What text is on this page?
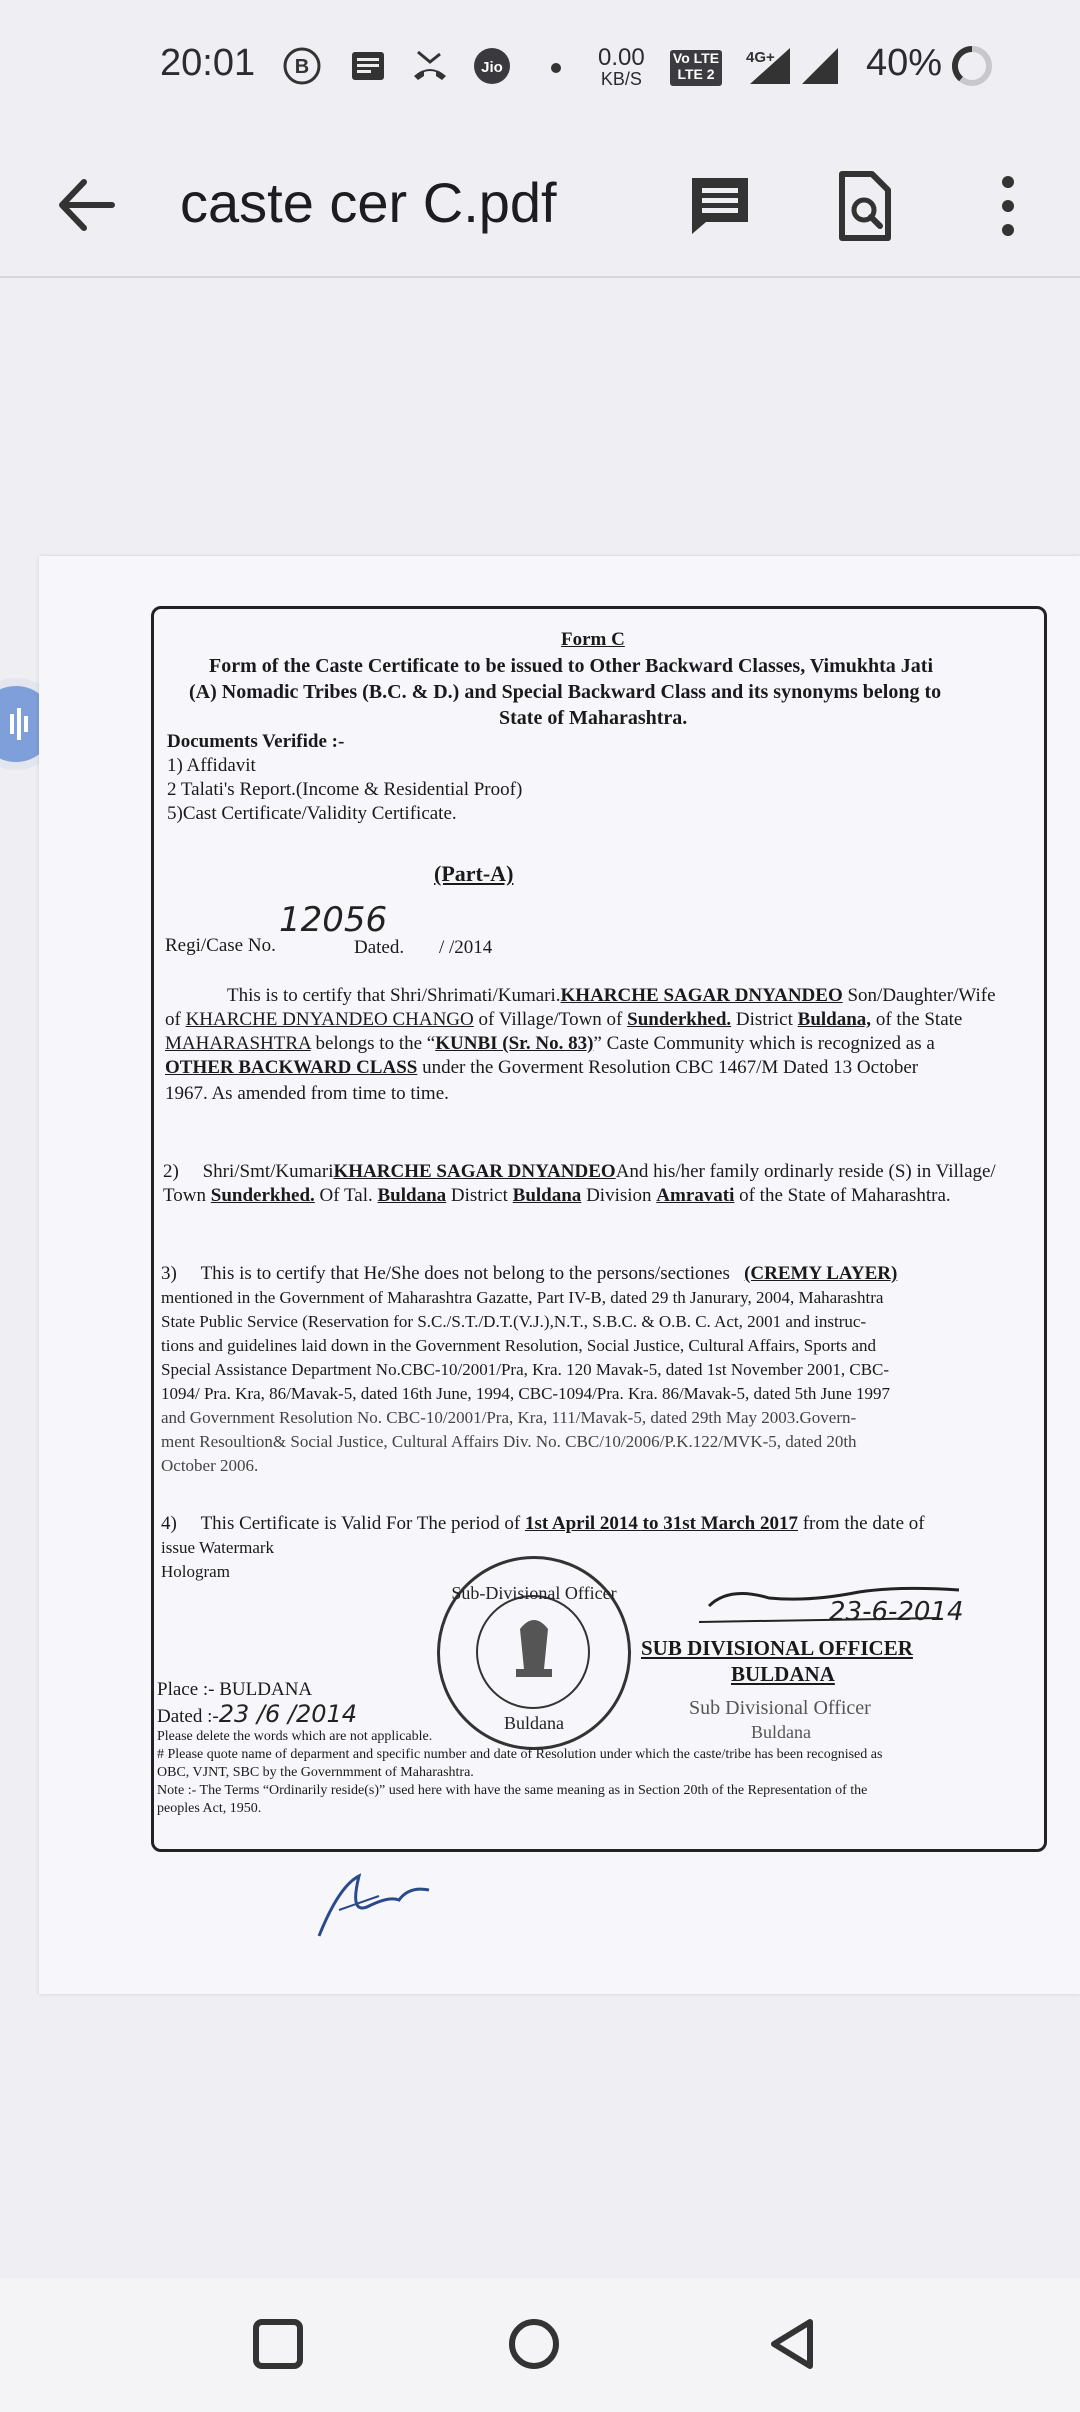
20:01 B	Jio	0.00
KB/S
Vo LTE
LTE 2
4G+ 40%
caste cer C.pdf
Form C
Form of the Caste Certificate to be issued to Other Backward Classes, Vimukhta Jati
(A) Nomadic Tribes (B.C. & D.) and Special Backward Class and its synonyms belong to
State of Maharashtra.
Documents Verifide :-
1) Affidavit
2 Talati's Report.(Income & Residential Proof)
5)Cast Certificate/Validity Certificate.
(Part-A)
Regi/Case No.
12056
Dated. / /2014
This is to certify that Shri/Shrimati/Kumari.KHARCHE SAGAR DNYANDEO Son/Daughter/Wife
of KHARCHE DNYANDEO CHANGO of Village/Town of Sunderkhed. District Buldana, of the State
MAHARASHTRA belongs to the “KUNBI (Sr. No. 83)” Caste Community which is recognized as a
OTHER BACKWARD CLASS under the Goverment Resolution CBC 1467/M Dated 13 October
1967. As amended from time to time.
2) Shri/Smt/KumariKHARCHE SAGAR DNYANDEOAnd his/her family ordinarly reside (S) in Village/
Town Sunderkhed. Of Tal. Buldana District Buldana Division Amravati of the State of Maharashtra.
3) This is to certify that He/She does not belong to the persons/sectiones (CREMY LAYER)
mentioned in the Government of Maharashtra Gazatte, Part IV-B, dated 29 th Janurary, 2004, Maharashtra
State Public Service (Reservation for S.C./S.T./D.T.(V.J.),N.T., S.B.C. & O.B. C. Act, 2001 and instruc-
tions and guidelines laid down in the Government Resolution, Social Justice, Cultural Affairs, Sports and
Special Assistance Department No.CBC-10/2001/Pra, Kra. 120 Mavak-5, dated 1st November 2001, CBC-
1094/ Pra. Kra, 86/Mavak-5, dated 16th June, 1994, CBC-1094/Pra. Kra. 86/Mavak-5, dated 5th June 1997
and Government Resolution No. CBC-10/2001/Pra, Kra, 111/Mavak-5, dated 29th May 2003.Govern-
ment Resoultion& Social Justice, Cultural Affairs Div. No. CBC/10/2006/P.K.122/MVK-5, dated 20th
October 2006.
4) This Certificate is Valid For The period of 1st April 2014 to 31st March 2017 from the date of
issue Watermark
Hologram
Sub-Divisional Officer
Buldana
23-6-2014
SUB DIVISIONAL OFFICER
BULDANA
Sub Divisional Officer
Buldana
Place :- BULDANA
Dated :-23 /6 /2014
Please delete the words which are not applicable.
# Please quote name of deparment and specific number and date of Resolution under which the caste/tribe has been recognised as
OBC, VJNT, SBC by the Governmment of Maharashtra.
Note :- The Terms “Ordinarily reside(s)” used here with have the same meaning as in Section 20th of the Representation of the
peoples Act, 1950.
